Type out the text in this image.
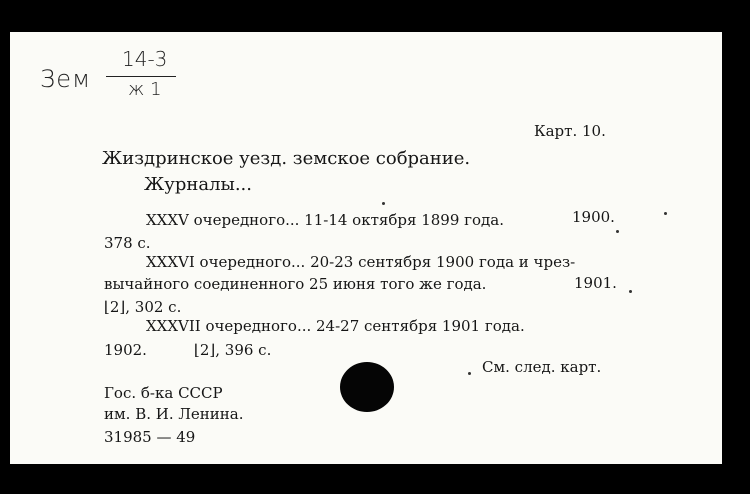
Зем
14-3
ж 1
Карт. 10.
Жиздринское уезд. земское собрание.
Журналы...
XXXV очередного... 11-14 октября 1899 года.	1900.
378 с.
XXXVI очередного... 20-23 сентября 1900 года и чрез-
вычайного соединенного 25 июня того же года.	1901.
⌊2⌋, 302 с.
XXXVII очередного... 24-27 сентября 1901 года.
1902.	⌊2⌋, 396 с.
См. след. карт.
Гос. б-ка СССР
им. В. И. Ленина.
31985 — 49
